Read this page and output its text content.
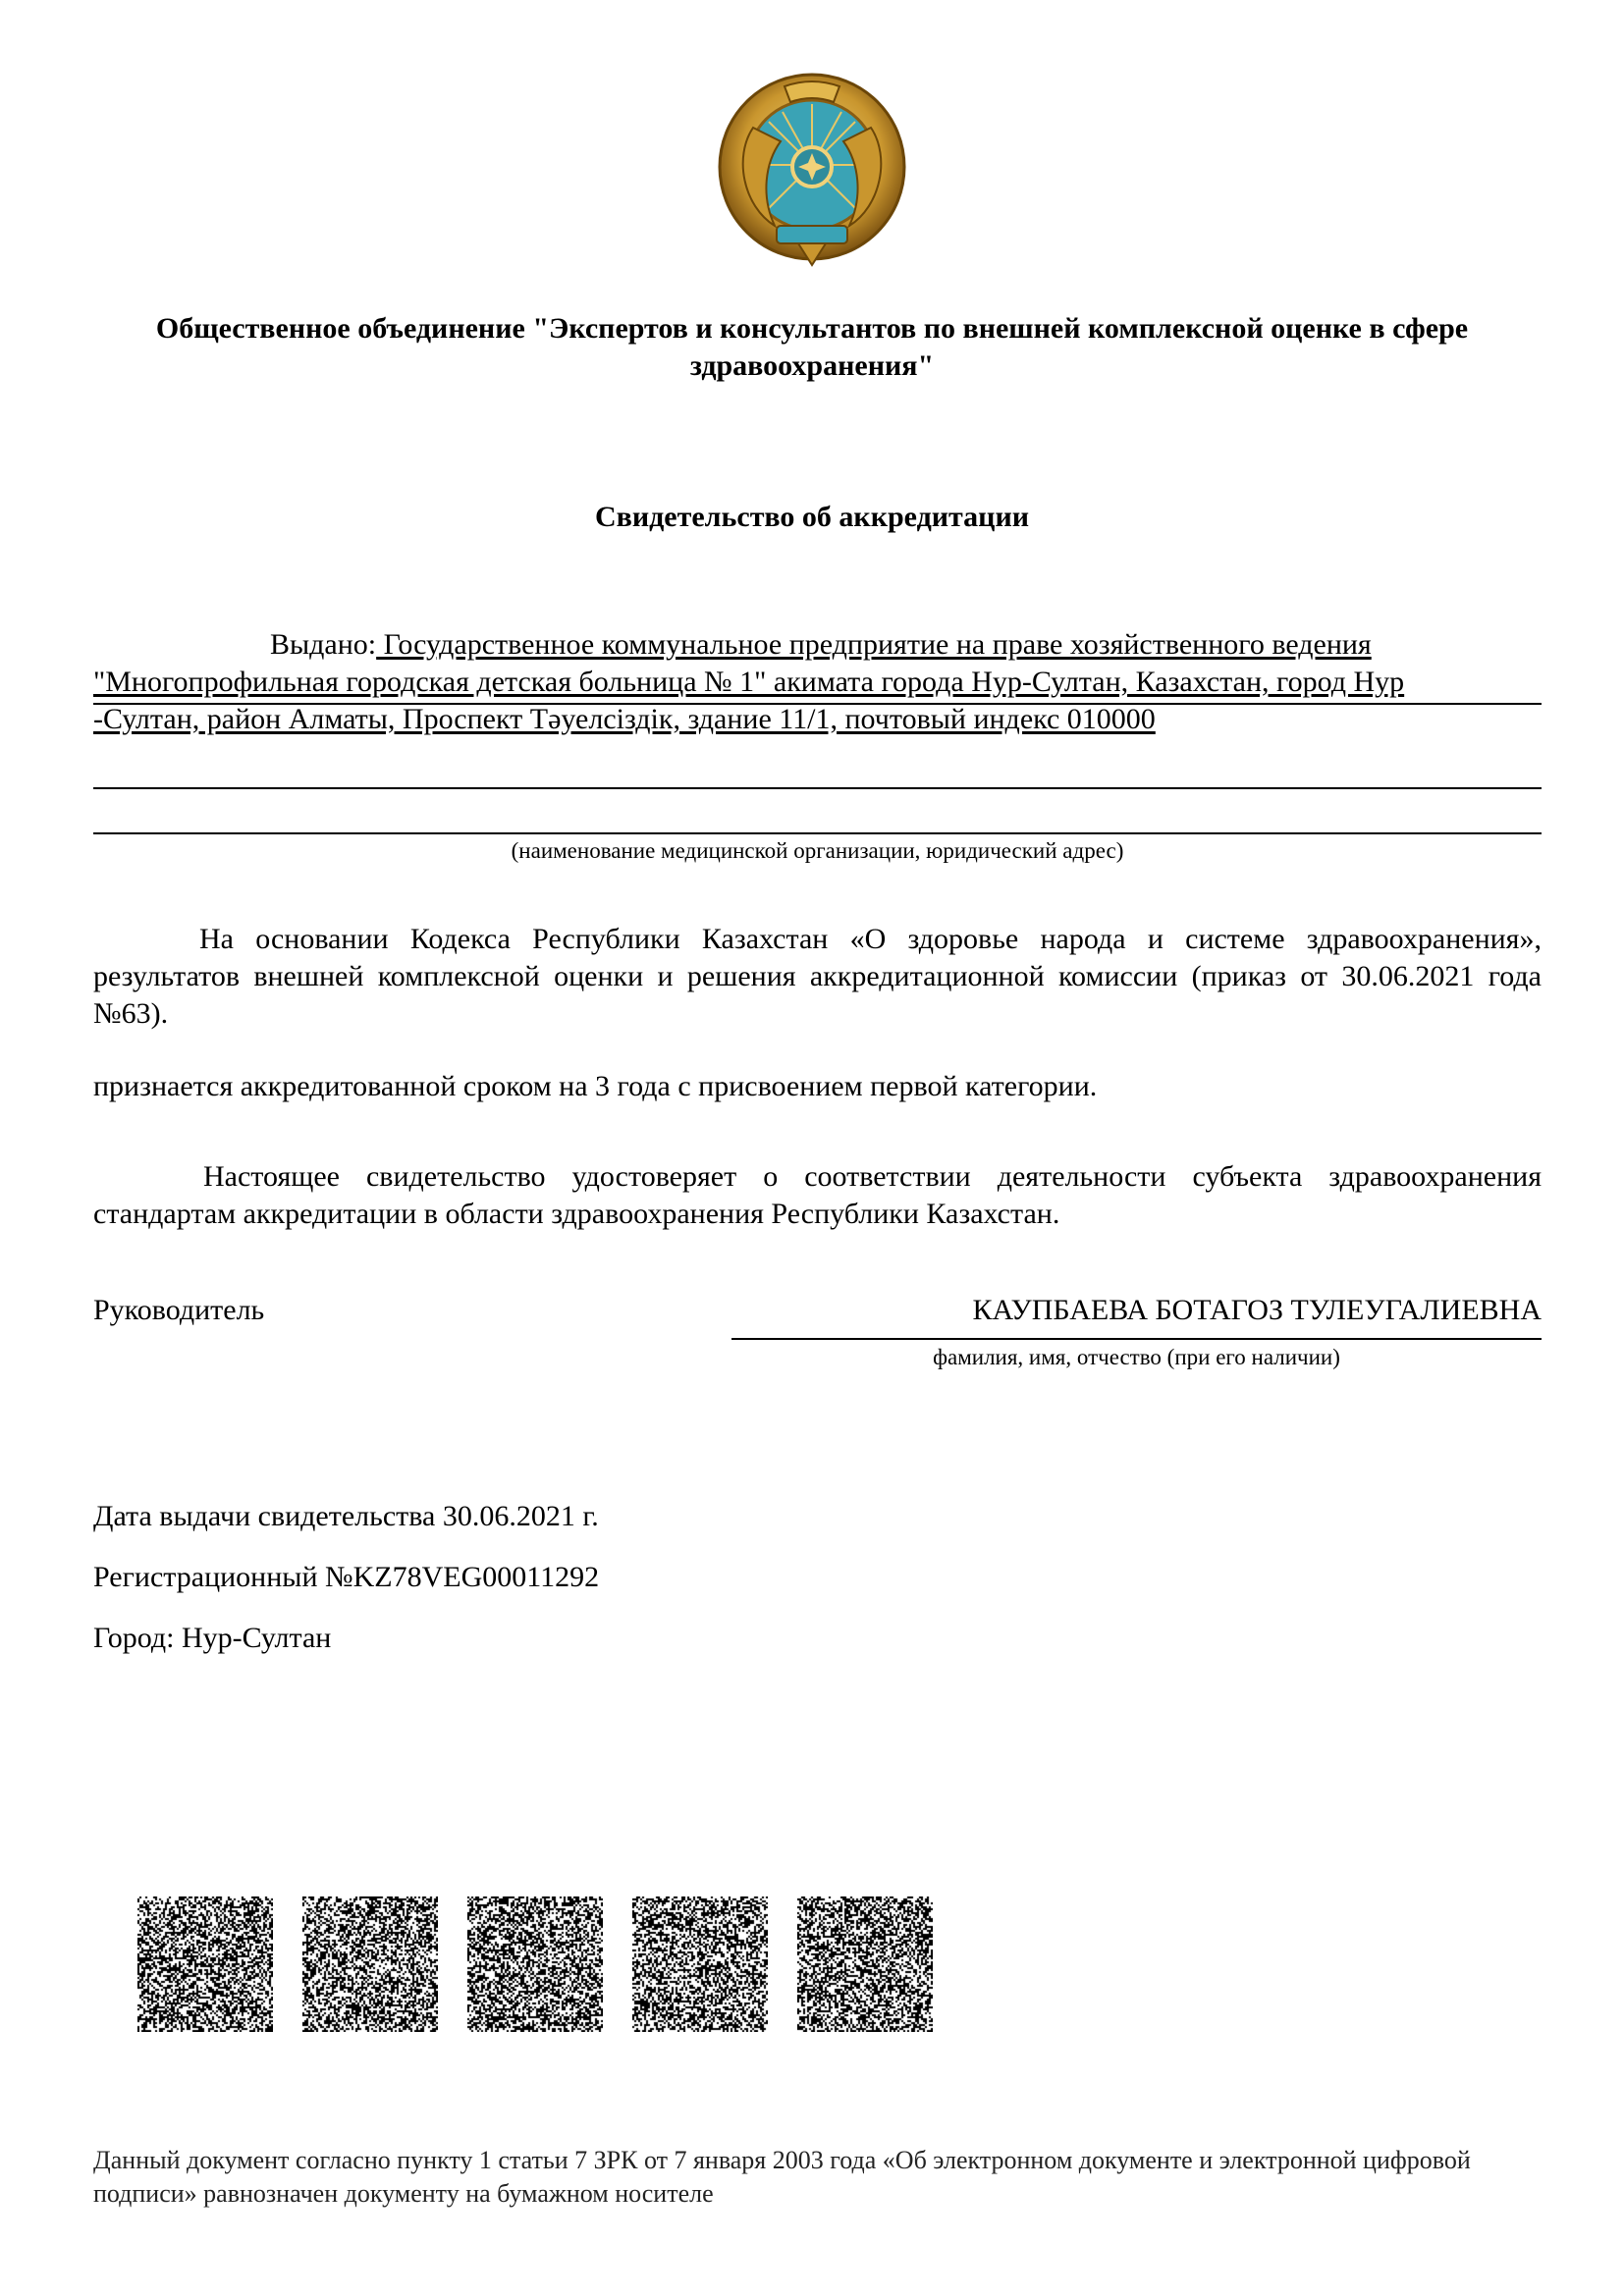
Общественное объединение "Экспертов и консультантов по внешней комплексной оценке в сфере
здравоохранения"
Свидетельство об аккредитации
Выдано: Государственное коммунальное предприятие на праве хозяйственного ведения
"Многопрофильная городская детская больница № 1" акимата города Нур-Султан, Казахстан, город Нур
-Султан, район Алматы, Проспект Тәуелсіздік, здание 11/1, почтовый индекс 010000
(наименование медицинской организации, юридический адрес)
На основании Кодекса Республики Казахстан «О здоровье народа и системе здравоохранения», результатов внешней комплексной оценки и решения аккредитационной комиссии (приказ от 30.06.2021 года №63).
признается аккредитованной сроком на 3 года с присвоением первой категории.
Настоящее свидетельство удостоверяет о соответствии деятельности субъекта здравоохранения стандартам аккредитации в области здравоохранения Республики Казахстан.
Руководитель	КАУПБАЕВА БОТАГОЗ ТУЛЕУГАЛИЕВНА
фамилия, имя, отчество (при его наличии)
Дата выдачи свидетельства 30.06.2021 г.
Регистрационный №KZ78VEG00011292
Город: Нур-Султан
Данный документ согласно пункту 1 статьи 7 ЗРК от 7 января 2003 года «Об электронном документе и электронной цифровой подписи» равнозначен документу на бумажном носителе
